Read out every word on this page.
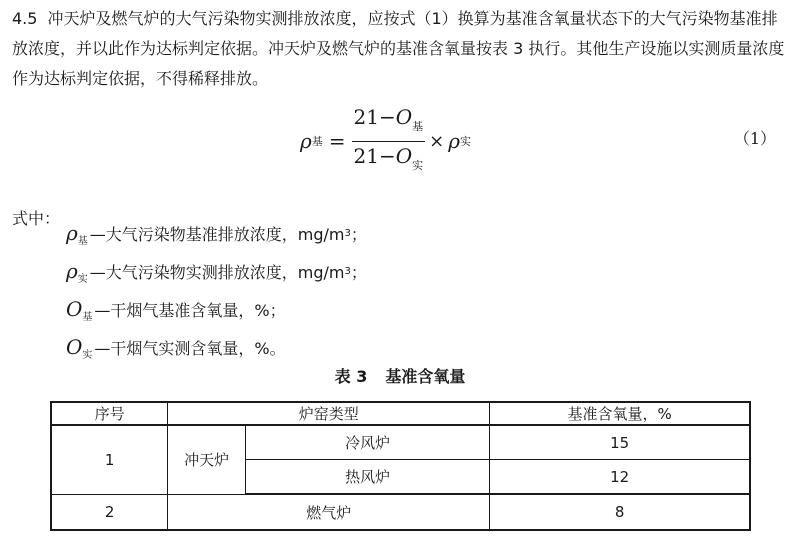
4.5 冲天炉及燃气炉的大气污染物实测排放浓度，应按式（1）换算为基准含氧量状态下的大气污染物基准排放浓度，并以此作为达标判定依据。冲天炉及燃气炉的基准含氧量按表 3 执行。其他生产设施以实测质量浓度作为达标判定依据，不得稀释排放。

ρ 基 = $\frac{21-O_基}{21-O_实} \times \rho$ 实	（1）
式中：
ρ 基 —大气污染物基准排放浓度，mg/m 3 ；
ρ 实 —大气污染物实测排放浓度，mg/m 3 ；
O 基 —干烟气基准含氧量，%；
O 实 —干烟气实测含氧量，%。
表 3 基准含氧量
序号	炉窑类型		基准含氧量，%
1	冲天炉	冷风炉	15
		热风炉	12
2	燃气炉		8
